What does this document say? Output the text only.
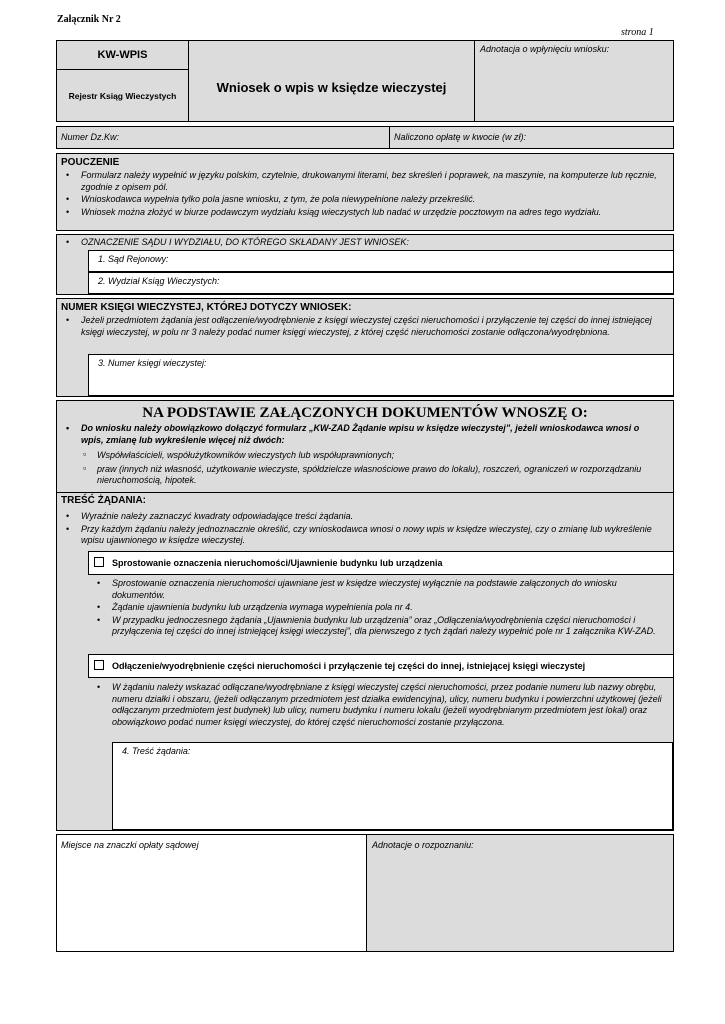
Załącznik Nr 2
strona 1
KW-WPIS
Rejestr Ksiąg Wieczystych
Wniosek o wpis w księdze wieczystej
Adnotacja o wpłynięciu wniosku:
Numer Dz.Kw:	Naliczono opłatę w kwocie (w zł):
POUCZENIE
• Formularz należy wypełnić w języku polskim, czytelnie, drukowanymi literami, bez skreśleń i poprawek, na maszynie, na komputerze lub ręcznie, zgodnie z opisem pól.
• Wnioskodawca wypełnia tylko pola jasne wniosku, z tym, że pola niewypełnione należy przekreślić.
• Wniosek można złożyć w biurze podawczym wydziału ksiąg wieczystych lub nadać w urzędzie pocztowym na adres tego wydziału.
• OZNACZENIE SĄDU I WYDZIAŁU, DO KTÓREGO SKŁADANY JEST WNIOSEK:
1. Sąd Rejonowy:
2. Wydział Ksiąg Wieczystych:
NUMER KSIĘGI WIECZYSTEJ, KTÓREJ DOTYCZY WNIOSEK:
• Jeżeli przedmiotem żądania jest odłączenie/wyodrębnienie z księgi wieczystej części nieruchomości i przyłączenie tej części do innej istniejącej księgi wieczystej, w polu nr 3 należy podać numer księgi wieczystej, z której część nieruchomości zostanie odłączona/wyodrębniona.
3. Numer księgi wieczystej:
NA PODSTAWIE ZAŁĄCZONYCH DOKUMENTÓW WNOSZĘ O:
• Do wniosku należy obowiązkowo dołączyć formularz „KW-ZAD Żądanie wpisu w księdze wieczystej”, jeżeli wnioskodawca wnosi o wpis, zmianę lub wykreślenie więcej niż dwóch:
▫ Współwłaścicieli, współużytkowników wieczystych lub współuprawnionych;
▫ praw (innych niż własność, użytkowanie wieczyste, spółdzielcze własnościowe prawo do lokalu), roszczeń, ograniczeń w rozporządzaniu nieruchomością, hipotek.
TREŚĆ ŻĄDANIA:
• Wyraźnie należy zaznaczyć kwadraty odpowiadające treści żądania.
• Przy każdym żądaniu należy jednoznacznie określić, czy wnioskodawca wnosi o nowy wpis w księdze wieczystej, czy o zmianę lub wykreślenie wpisu ujawnionego w księdze wieczystej.
Sprostowanie oznaczenia nieruchomości/Ujawnienie budynku lub urządzenia
• Sprostowanie oznaczenia nieruchomości ujawniane jest w księdze wieczystej wyłącznie na podstawie załączonych do wniosku dokumentów.
• Żądanie ujawnienia budynku lub urządzenia wymaga wypełnienia pola nr 4.
• W przypadku jednoczesnego żądania „Ujawnienia budynku lub urządzenia” oraz „Odłączenia/wyodrębnienia części nieruchomości i przyłączenia tej części do innej istniejącej księgi wieczystej”, dla pierwszego z tych żądań należy wypełnić pole nr 1 załącznika KW-ZAD.
Odłączenie/wyodrębnienie części nieruchomości i przyłączenie tej części do innej, istniejącej księgi wieczystej
• W żądaniu należy wskazać odłączane/wyodrębniane z księgi wieczystej części nieruchomości, przez podanie numeru lub nazwy obrębu, numeru działki i obszaru, (jeżeli odłączanym przedmiotem jest działka ewidencyjna), ulicy, numeru budynku i powierzchni użytkowej (jeżeli odłączanym przedmiotem jest budynek) lub ulicy, numeru budynku i numeru lokalu (jeżeli wyodrębnianym przedmiotem jest lokal) oraz obowiązkowo podać numer księgi wieczystej, do której część nieruchomości zostanie przyłączona.
4. Treść żądania:
Miejsce na znaczki opłaty sądowej	Adnotacje o rozpoznaniu:
